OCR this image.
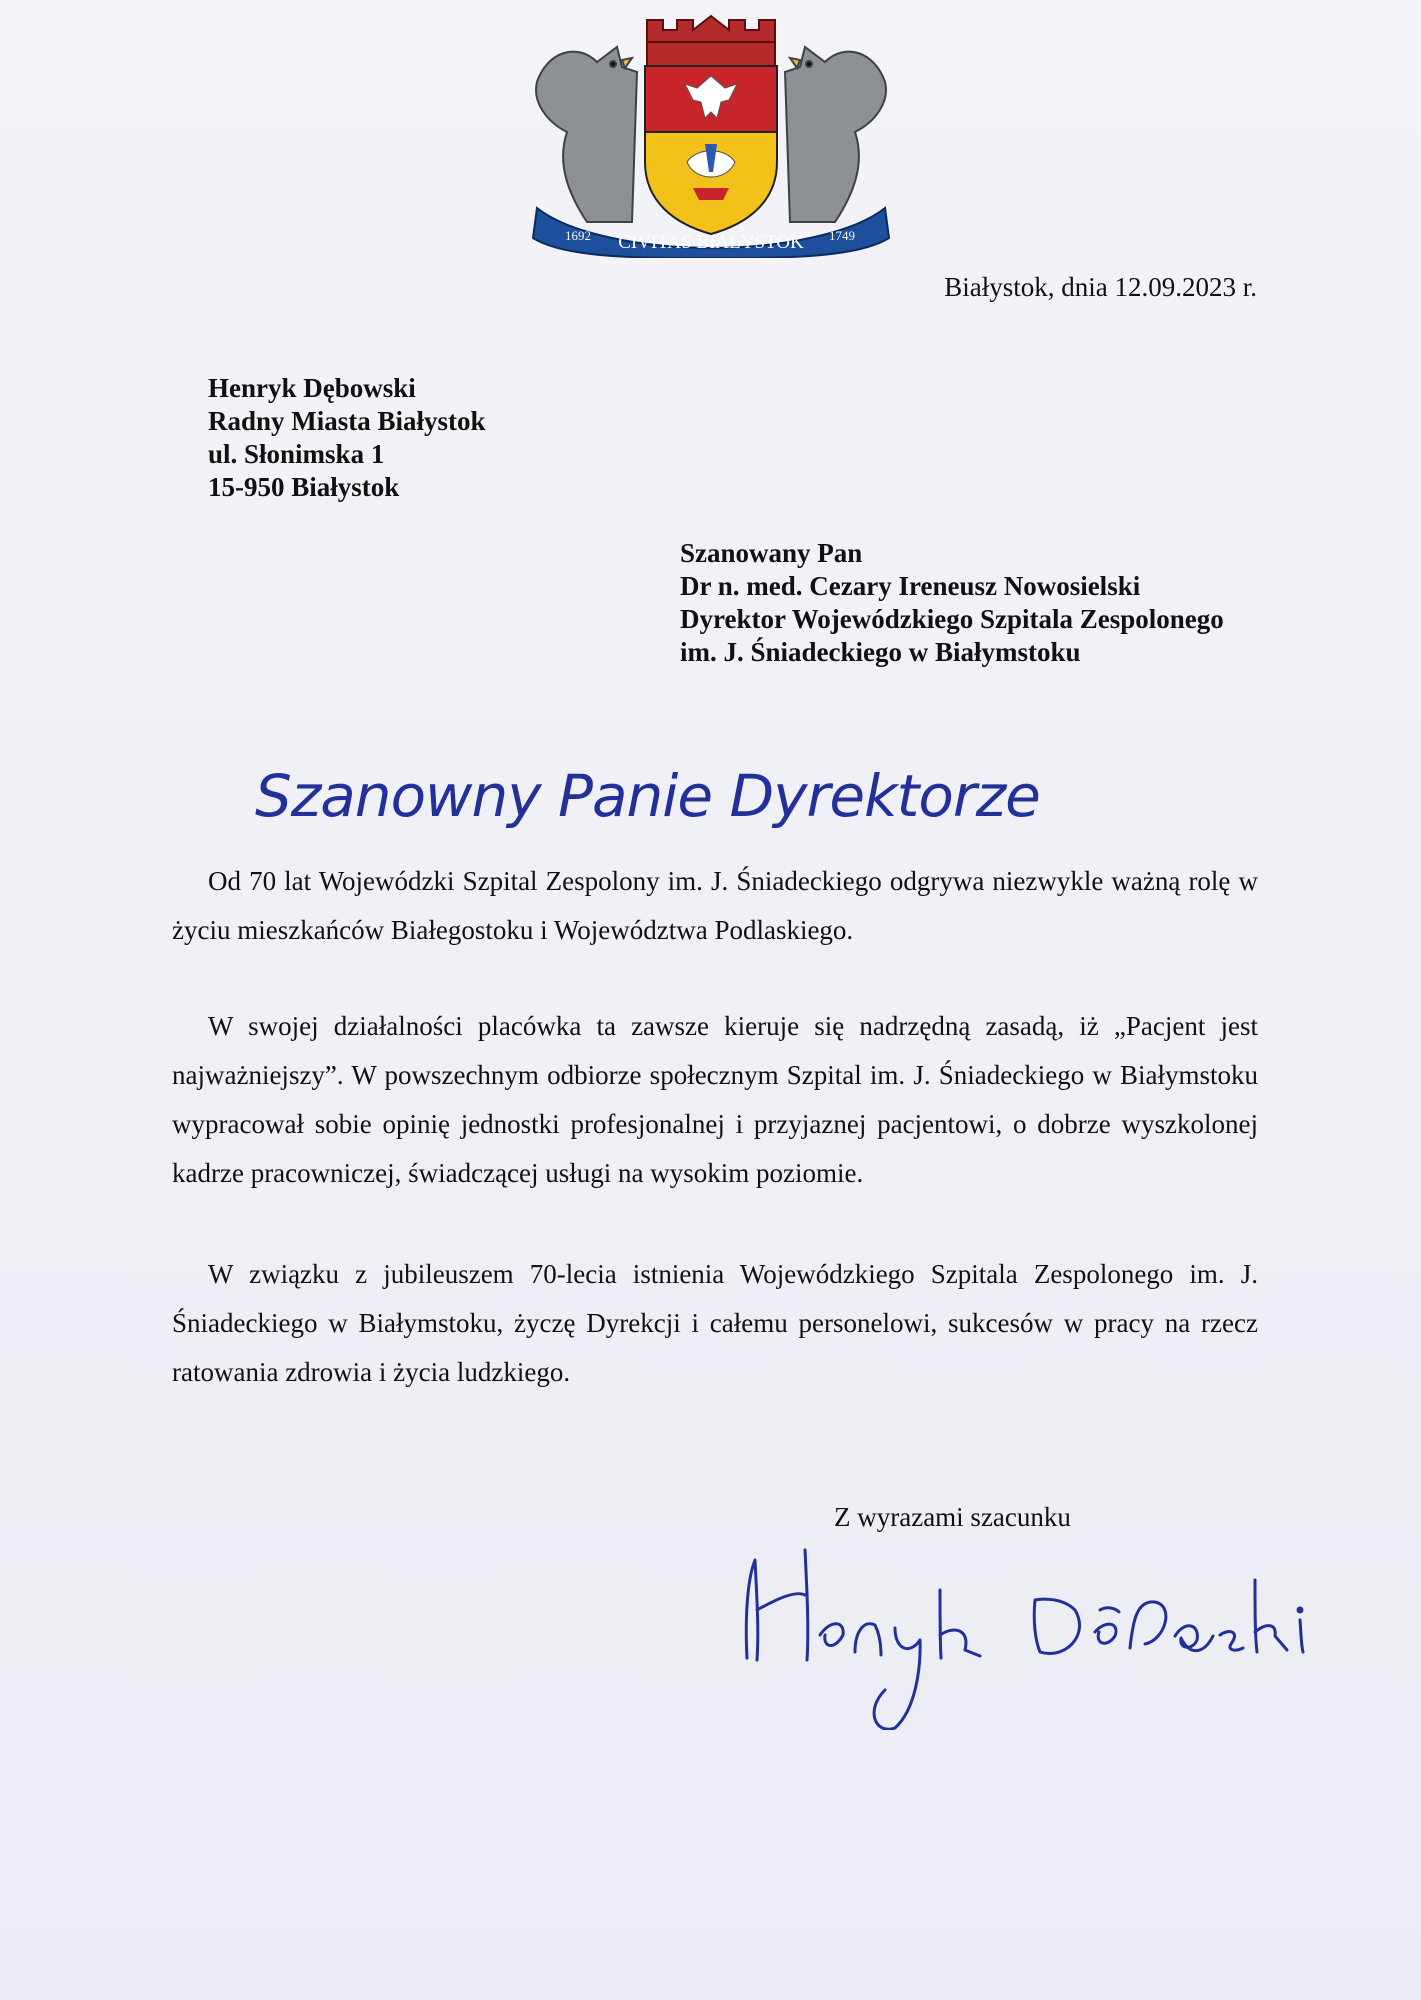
1692 CIVITAS BIAŁYSTOK 1749
Białystok, dnia 12.09.2023 r.
Henryk Dębowski
Radny Miasta Białystok
ul. Słonimska 1
15-950 Białystok
Szanowany Pan
Dr n. med. Cezary Ireneusz Nowosielski
Dyrektor Wojewódzkiego Szpitala Zespolonego
im. J. Śniadeckiego w Białymstoku
Szanowny Panie Dyrektorze

Od 70 lat Wojewódzki Szpital Zespolony im. J. Śniadeckiego odgrywa niezwykle ważną rolę w życiu mieszkańców Białegostoku i Województwa Podlaskiego.

W swojej działalności placówka ta zawsze kieruje się nadrzędną zasadą, iż „Pacjent jest najważniejszy”. W powszechnym odbiorze społecznym Szpital im. J. Śniadeckiego w Białymstoku wypracował sobie opinię jednostki profesjonalnej i przyjaznej pacjentowi, o dobrze wyszkolonej kadrze pracowniczej, świadczącej usługi na wysokim poziomie.

W związku z jubileuszem 70-lecia istnienia Wojewódzkiego Szpitala Zespolonego im. J. Śniadeckiego w Białymstoku, życzę Dyrekcji i całemu personelowi, sukcesów w pracy na rzecz ratowania zdrowia i życia ludzkiego.

Z wyrazami szacunku
